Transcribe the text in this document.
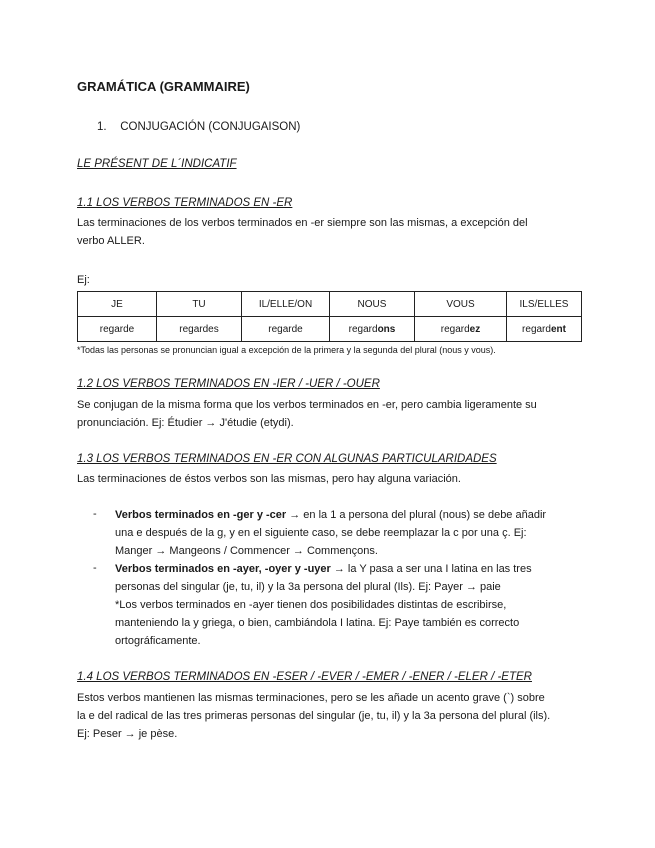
GRAMÁTICA (GRAMMAIRE)
1. CONJUGACIÓN (CONJUGAISON)
LE PRÉSENT DE L´INDICATIF
1.1 LOS VERBOS TERMINADOS EN -ER
Las terminaciones de los verbos terminados en -er siempre son las mismas, a excepción del
verbo ALLER.
Ej:
JE	TU	IL/ELLE/ON	NOUS	VOUS	ILS/ELLES
regarde	regardes	regarde	regardons	regardez	regardent
*Todas las personas se pronuncian igual a excepción de la primera y la segunda del plural (nous y vous).
1.2 LOS VERBOS TERMINADOS EN -IER / -UER / -OUER
Se conjugan de la misma forma que los verbos terminados en -er, pero cambia ligeramente su
pronunciación. Ej: Étudier → J'étudie (etydi).
1.3 LOS VERBOS TERMINADOS EN -ER CON ALGUNAS PARTICULARIDADES
Las terminaciones de éstos verbos son las mismas, pero hay alguna variación.
- Verbos terminados en -ger y -cer → en la 1 a persona del plural (nous) se debe añadir
una e después de la g, y en el siguiente caso, se debe reemplazar la c por una ç. Ej:
Manger → Mangeons / Commencer → Commençons.
- Verbos terminados en -ayer, -oyer y -uyer → la Y pasa a ser una I latina en las tres
personas del singular (je, tu, il) y la 3a persona del plural (Ils). Ej: Payer → paie
*Los verbos terminados en -ayer tienen dos posibilidades distintas de escribirse,
manteniendo la y griega, o bien, cambiándola I latina. Ej: Paye también es correcto
ortográficamente.
1.4 LOS VERBOS TERMINADOS EN -ESER / -EVER / -EMER / -ENER / -ELER / -ETER
Estos verbos mantienen las mismas terminaciones, pero se les añade un acento grave (`) sobre
la e del radical de las tres primeras personas del singular (je, tu, il) y la 3a persona del plural (ils).
Ej: Peser → je pèse.
